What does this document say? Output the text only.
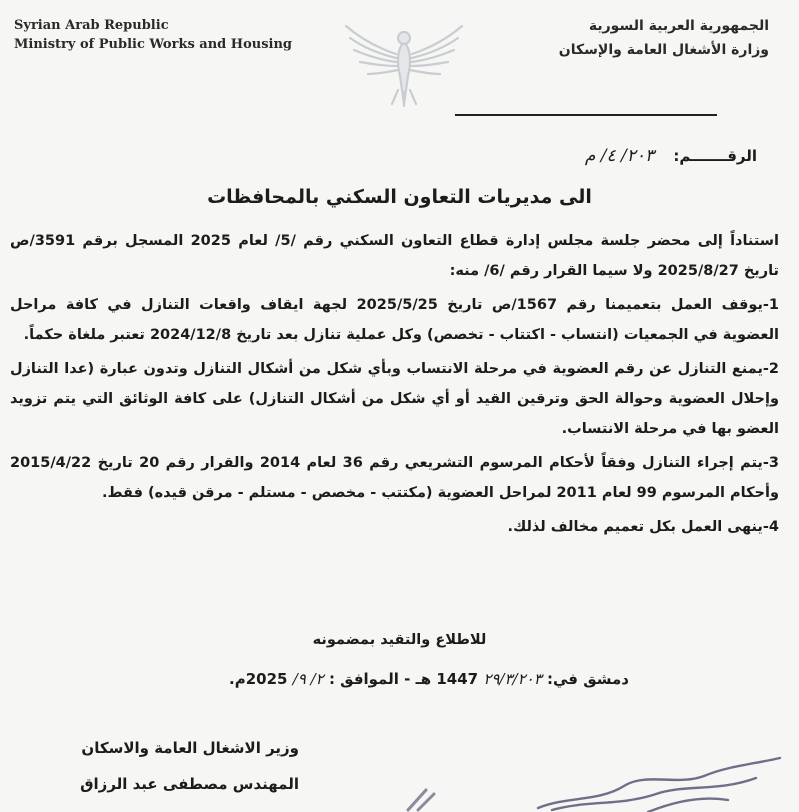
Syrian Arab Republic
Ministry of Public Works and Housing
الجمهورية العربية السورية
وزارة الأشغال العامة والإسكان
الرقـــــــم: ٢٠٣/ ٤/ م
الى مديريات التعاون السكني بالمحافظات

استناداً إلى محضر جلسة مجلس إدارة قطاع التعاون السكني رقم /5/ لعام 2025 المسجل برقم 3591/ص تاريخ 2025/8/27 ولا سيما القرار رقم /6/ منه:

1-يوقف العمل بتعميمنا رقم 1567/ص تاريخ 2025/5/25 لجهة ايقاف واقعات التنازل في كافة مراحل العضوية في الجمعيات (انتساب - اكتتاب - تخصص) وكل عملية تنازل بعد تاريخ 2024/12/8 تعتبر ملغاة حكماً.

2-يمنع التنازل عن رقم العضوية في مرحلة الانتساب وبأي شكل من أشكال التنازل وتدون عبارة (عدا التنازل وإحلال العضوية وحوالة الحق وترقين القيد أو أي شكل من أشكال التنازل) على كافة الوثائق التي يتم تزويد العضو بها في مرحلة الانتساب.

3-يتم إجراء التنازل وفقاً لأحكام المرسوم التشريعي رقم 36 لعام 2014 والقرار رقم 20 تاريخ 2015/4/22 وأحكام المرسوم 99 لعام 2011 لمراحل العضوية (مكتتب - مخصص - مستلم - مرقن قيده) فقط.

4-ينهى العمل بكل تعميم مخالف لذلك.

للاطلاع والتقيد بمضمونه
دمشق في: ٢٩/٣/٢٠٣ 1447 هـ - الموافق : ٢/ ٩/ 2025م.
وزير الاشغال العامة والاسكان
المهندس مصطفى عبد الرزاق
